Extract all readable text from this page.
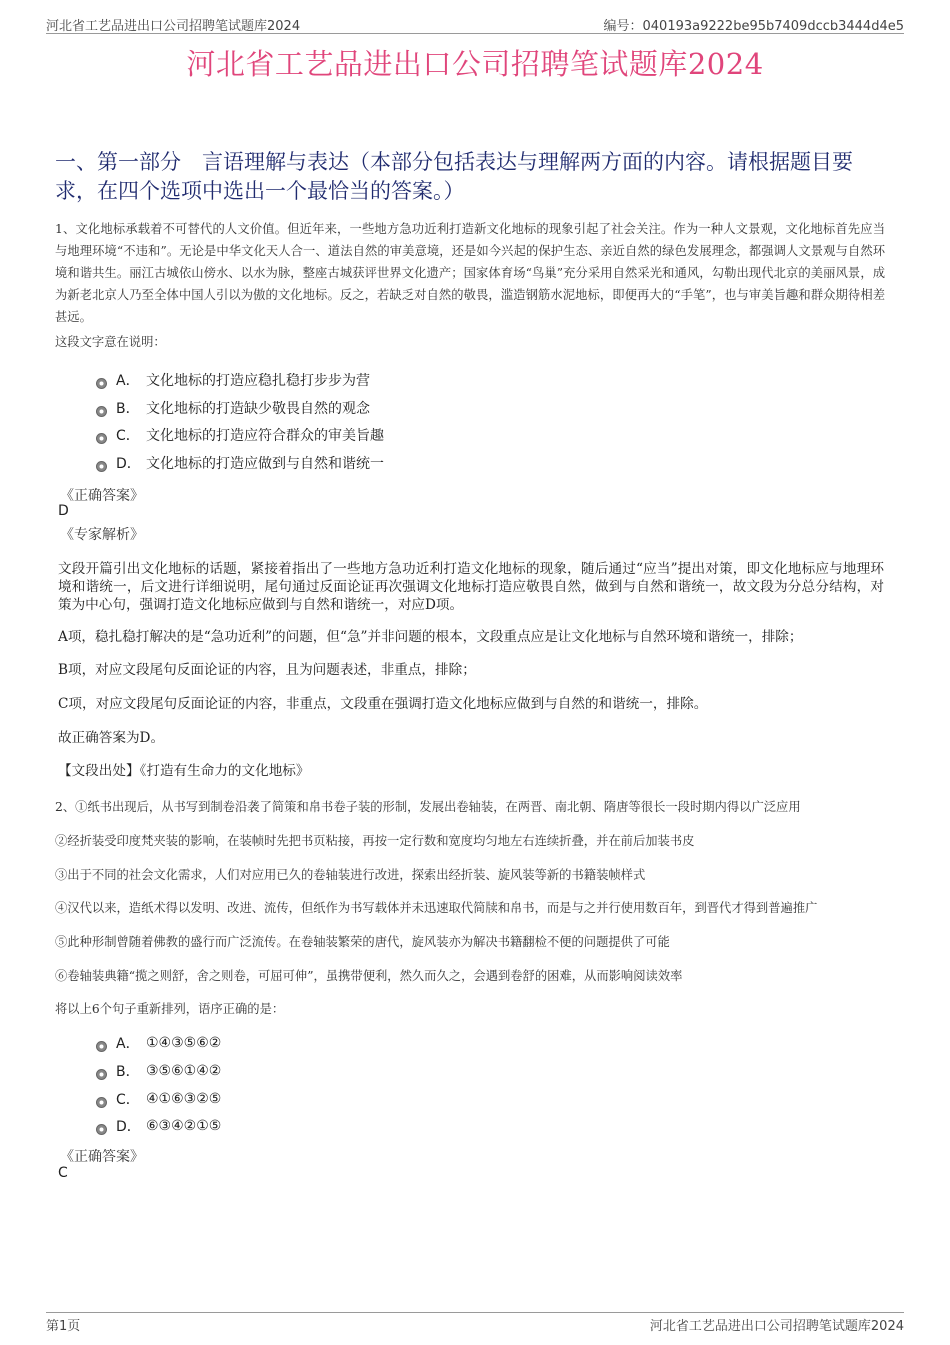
河北省工艺品进出口公司招聘笔试题库2024	编号：040193a9222be95b7409dccb3444d4e5
河北省工艺品进出口公司招聘笔试题库2024
一、第一部分　言语理解与表达（本部分包括表达与理解两方面的内容。请根据题目要求，在四个选项中选出一个最恰当的答案。）
1、文化地标承载着不可替代的人文价值。但近年来，一些地方急功近利打造新文化地标的现象引起了社会关注。作为一种人文景观，文化地标首先应当与地理环境“不违和”。无论是中华文化天人合一、道法自然的审美意境，还是如今兴起的保护生态、亲近自然的绿色发展理念，都强调人文景观与自然环境和谐共生。丽江古城依山傍水、以水为脉，整座古城获评世界文化遗产；国家体育场“鸟巢”充分采用自然采光和通风，勾勒出现代北京的美丽风景，成为新老北京人乃至全体中国人引以为傲的文化地标。反之，若缺乏对自然的敬畏，滥造钢筋水泥地标，即便再大的“手笔”，也与审美旨趣和群众期待相差甚远。
这段文字意在说明：
A． 文化地标的打造应稳扎稳打步步为营
B． 文化地标的打造缺少敬畏自然的观念
C． 文化地标的打造应符合群众的审美旨趣
D． 文化地标的打造应做到与自然和谐统一
《正确答案》
D
《专家解析》
文段开篇引出文化地标的话题，紧接着指出了一些地方急功近利打造文化地标的现象，随后通过“应当”提出对策，即文化地标应与地理环境和谐统一，后文进行详细说明，尾句通过反面论证再次强调文化地标打造应敬畏自然，做到与自然和谐统一，故文段为分总分结构，对策为中心句，强调打造文化地标应做到与自然和谐统一，对应D项。
A项，稳扎稳打解决的是“急功近利”的问题，但“急”并非问题的根本，文段重点应是让文化地标与自然环境和谐统一，排除；
B项，对应文段尾句反面论证的内容，且为问题表述，非重点，排除；
C项，对应文段尾句反面论证的内容，非重点，文段重在强调打造文化地标应做到与自然的和谐统一，排除。
故正确答案为D。
【文段出处】《打造有生命力的文化地标》
2、①纸书出现后，从书写到制卷沿袭了简策和帛书卷子装的形制，发展出卷轴装，在两晋、南北朝、隋唐等很长一段时期内得以广泛应用
②经折装受印度梵夹装的影响，在装帧时先把书页粘接，再按一定行数和宽度均匀地左右连续折叠，并在前后加装书皮
③出于不同的社会文化需求，人们对应用已久的卷轴装进行改进，探索出经折装、旋风装等新的书籍装帧样式
④汉代以来，造纸术得以发明、改进、流传，但纸作为书写载体并未迅速取代简牍和帛书，而是与之并行使用数百年，到晋代才得到普遍推广
⑤此种形制曾随着佛教的盛行而广泛流传。在卷轴装繁荣的唐代，旋风装亦为解决书籍翻检不便的问题提供了可能
⑥卷轴装典籍“揽之则舒，舍之则卷，可屈可伸”，虽携带便利，然久而久之，会遇到卷舒的困难，从而影响阅读效率
将以上6个句子重新排列，语序正确的是：
A． ①④③⑤⑥②
B． ③⑤⑥①④②
C． ④①⑥③②⑤
D． ⑥③④②①⑤
《正确答案》
C
第1页	河北省工艺品进出口公司招聘笔试题库2024
